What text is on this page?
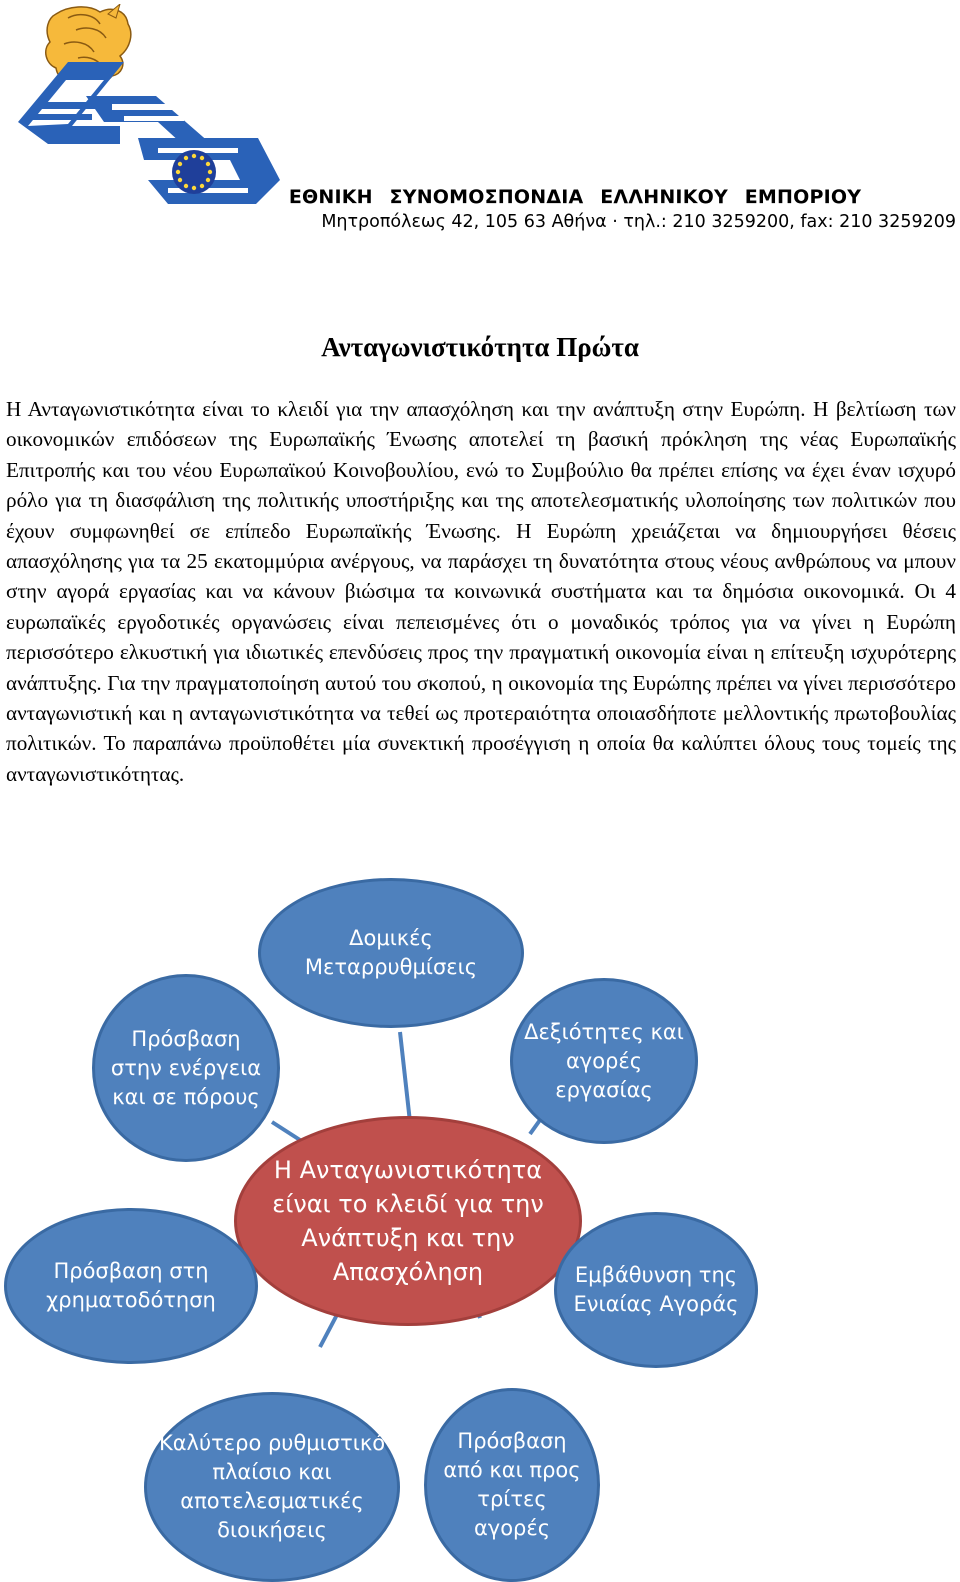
ΕΘΝΙΚΗ ΣΥΝΟΜΟΣΠΟΝΔΙΑ ΕΛΛΗΝΙΚΟΥ ΕΜΠΟΡΙΟΥ
Μητροπόλεως 42, 105 63 Αθήνα · τηλ.: 210 3259200, fax: 210 3259209
Ανταγωνιστικότητα Πρώτα

Η Ανταγωνιστικότητα είναι το κλειδί για την απασχόληση και την ανάπτυξη στην Ευρώπη. Η βελτίωση των οικονομικών επιδόσεων της Ευρωπαϊκής Ένωσης αποτελεί τη βασική πρόκληση της νέας Ευρωπαϊκής Επιτροπής και του νέου Ευρωπαϊκού Κοινοβουλίου, ενώ το Συμβούλιο θα πρέπει επίσης να έχει έναν ισχυρό ρόλο για τη διασφάλιση της πολιτικής υποστήριξης και της αποτελεσματικής υλοποίησης των πολιτικών που έχουν συμφωνηθεί σε επίπεδο Ευρωπαϊκής Ένωσης. Η Ευρώπη χρειάζεται να δημιουργήσει θέσεις απασχόλησης για τα 25 εκατομμύρια ανέργους, να παράσχει τη δυνατότητα στους νέους ανθρώπους να μπουν στην αγορά εργασίας και να κάνουν βιώσιμα τα κοινωνικά συστήματα και τα δημόσια οικονομικά. Οι 4 ευρωπαϊκές εργοδοτικές οργανώσεις είναι πεπεισμένες ότι ο μοναδικός τρόπος για να γίνει η Ευρώπη περισσότερο ελκυστική για ιδιωτικές επενδύσεις προς την πραγματική οικονομία είναι η επίτευξη ισχυρότερης ανάπτυξης. Για την πραγματοποίηση αυτού του σκοπού, η οικονομία της Ευρώπης πρέπει να γίνει περισσότερο ανταγωνιστική και η ανταγωνιστικότητα να τεθεί ως προτεραιότητα οποιασδήποτε μελλοντικής πρωτοβουλίας πολιτικών. Το παραπάνω προϋποθέτει μία συνεκτική προσέγγιση η οποία θα καλύπτει όλους τους τομείς της ανταγωνιστικότητας.

Η Ανταγωνιστικότητα είναι το κλειδί για την Ανάπτυξη και την Απασχόληση
Δομικές Μεταρρυθμίσεις
Δεξιότητες και αγορές εργασίας
Εμβάθυνση της Ενιαίας Αγοράς
Πρόσβαση από και προς τρίτες αγορές
Καλύτερο ρυθμιστικό πλαίσιο και αποτελεσματικές διοικήσεις
Πρόσβαση στη χρηματοδότηση
Πρόσβαση στην ενέργεια και σε πόρους
